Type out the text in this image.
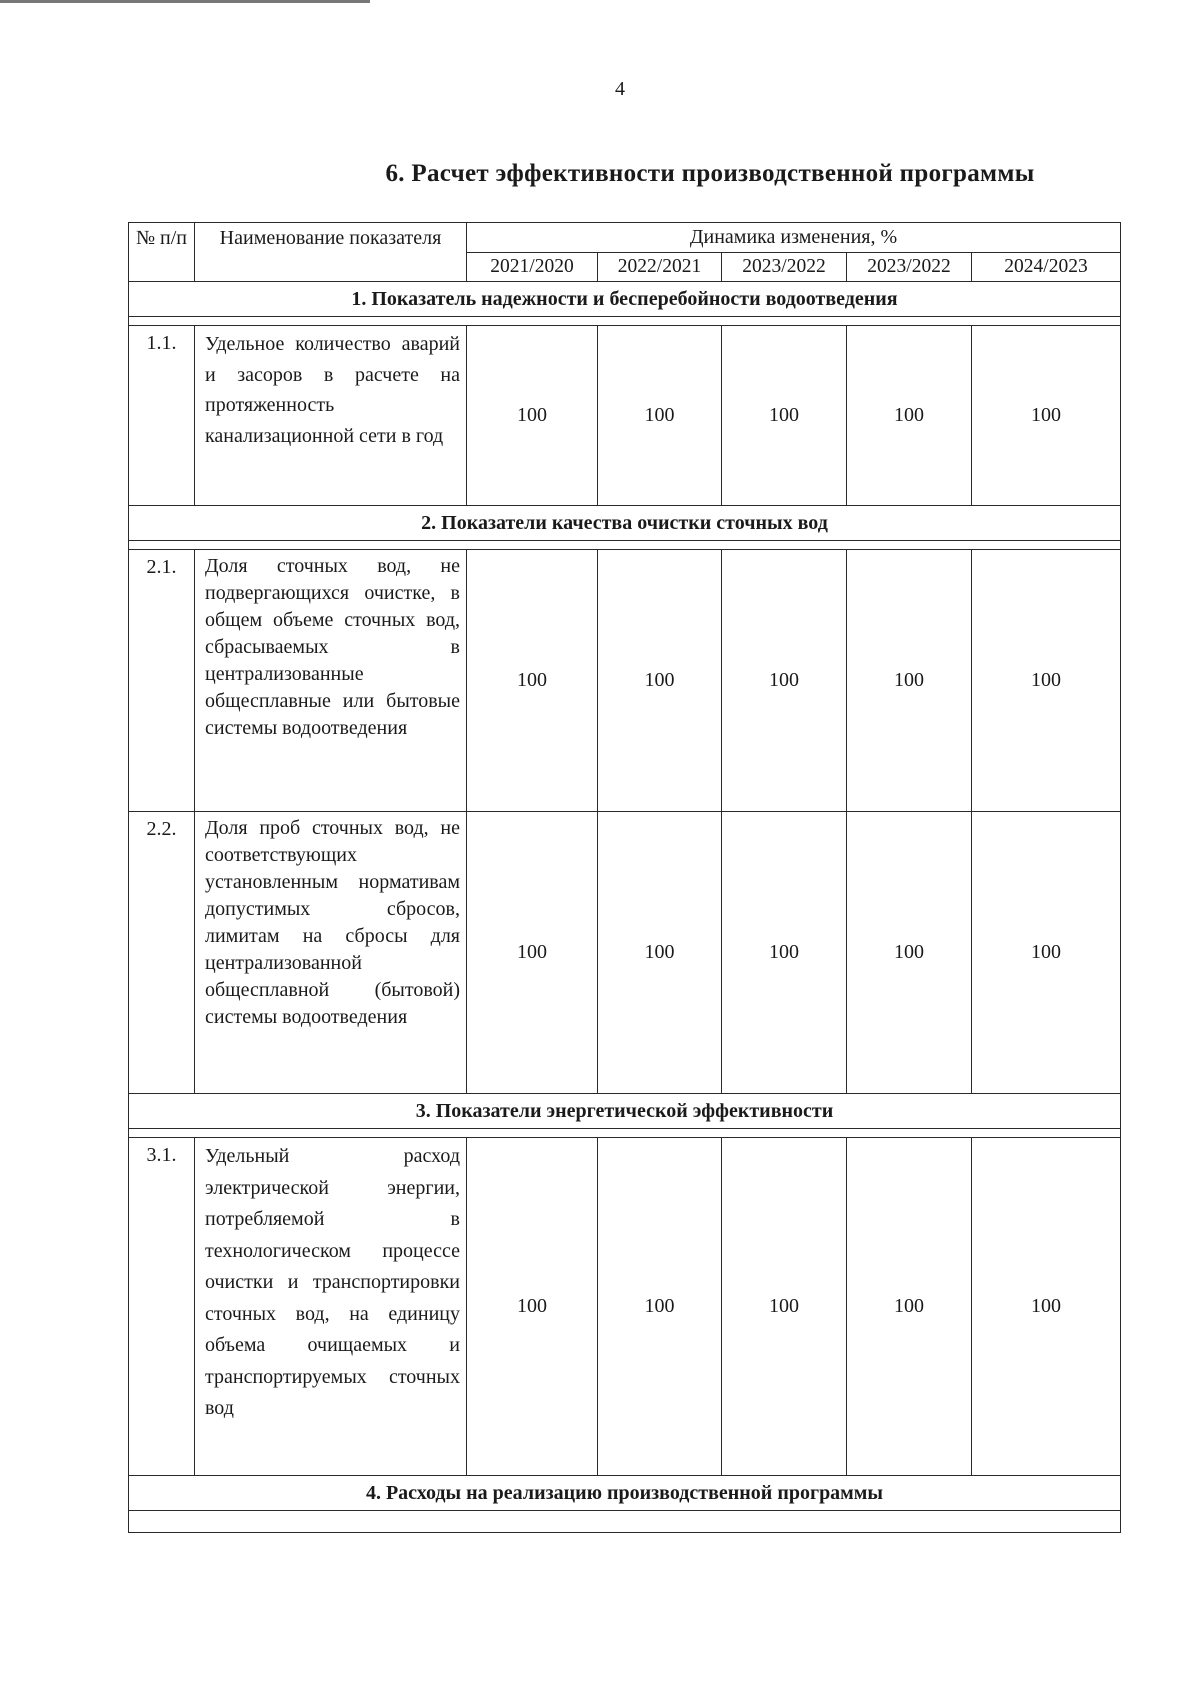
4
6. Расчет эффективности производственной программы
№ п/п	Наименование показателя	Динамика изменения, %				
		2021/2020	2022/2021	2023/2022	2023/2022	2024/2023
1. Показатель надежности и бесперебойности водоотведения						

1.1.	Удельное количество аварий и засоров в расчете на протяженность канализационной сети в год	100	100	100	100	100
2. Показатели качества очистки сточных вод						

2.1.	Доля сточных вод, не подвергающихся очистке, в общем объеме сточных вод, сбрасываемых в централизованные общесплавные или бытовые системы водоотведения	100	100	100	100	100
2.2.	Доля проб сточных вод, не соответствующих установленным нормативам допустимых сбросов, лимитам на сбросы для централизованной общесплавной (бытовой) системы водоотведения	100	100	100	100	100
3. Показатели энергетической эффективности						

3.1.	Удельный расход электрической энергии, потребляемой в технологическом процессе очистки и транспортировки сточных вод, на единицу объема очищаемых и транспортируемых сточных вод	100	100	100	100	100
4. Расходы на реализацию производственной программы						
